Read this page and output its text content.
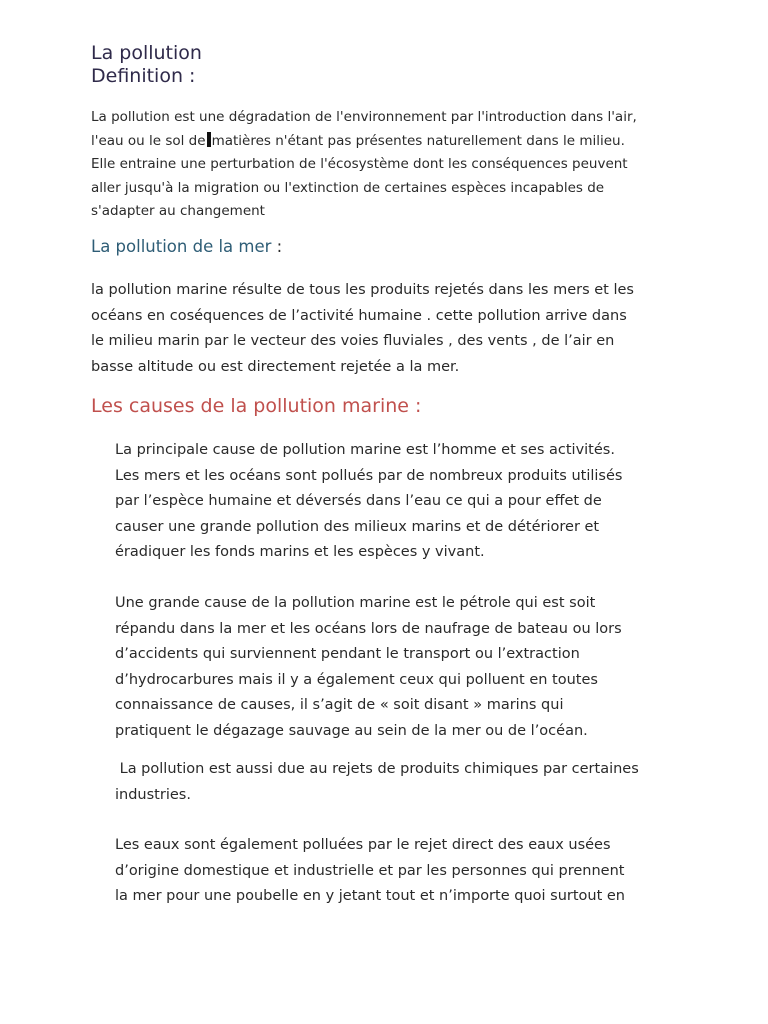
La pollution
Definition :
La pollution est une dégradation de l'environnement par l'introduction dans l'air,
l'eau ou le sol de matières n'étant pas présentes naturellement dans le milieu.
Elle entraine une perturbation de l'écosystème dont les conséquences peuvent
aller jusqu'à la migration ou l'extinction de certaines espèces incapables de
s'adapter au changement
La pollution de la mer :
la pollution marine résulte de tous les produits rejetés dans les mers et les
océans en coséquences de l’activité humaine . cette pollution arrive dans
le milieu marin par le vecteur des voies fluviales , des vents , de l’air en
basse altitude ou est directement rejetée a la mer.
Les causes de la pollution marine :
La principale cause de pollution marine est l’homme et ses activités.
Les mers et les océans sont pollués par de nombreux produits utilisés
par l’espèce humaine et déversés dans l’eau ce qui a pour effet de
causer une grande pollution des milieux marins et de détériorer et
éradiquer les fonds marins et les espèces y vivant.
Une grande cause de la pollution marine est le pétrole qui est soit
répandu dans la mer et les océans lors de naufrage de bateau ou lors
d’accidents qui surviennent pendant le transport ou l’extraction
d’hydrocarbures mais il y a également ceux qui polluent en toutes
connaissance de causes, il s’agit de « soit disant » marins qui
pratiquent le dégazage sauvage au sein de la mer ou de l’océan.
La pollution est aussi due au rejets de produits chimiques par certaines
industries.
Les eaux sont également polluées par le rejet direct des eaux usées
d’origine domestique et industrielle et par les personnes qui prennent
la mer pour une poubelle en y jetant tout et n’importe quoi surtout en
